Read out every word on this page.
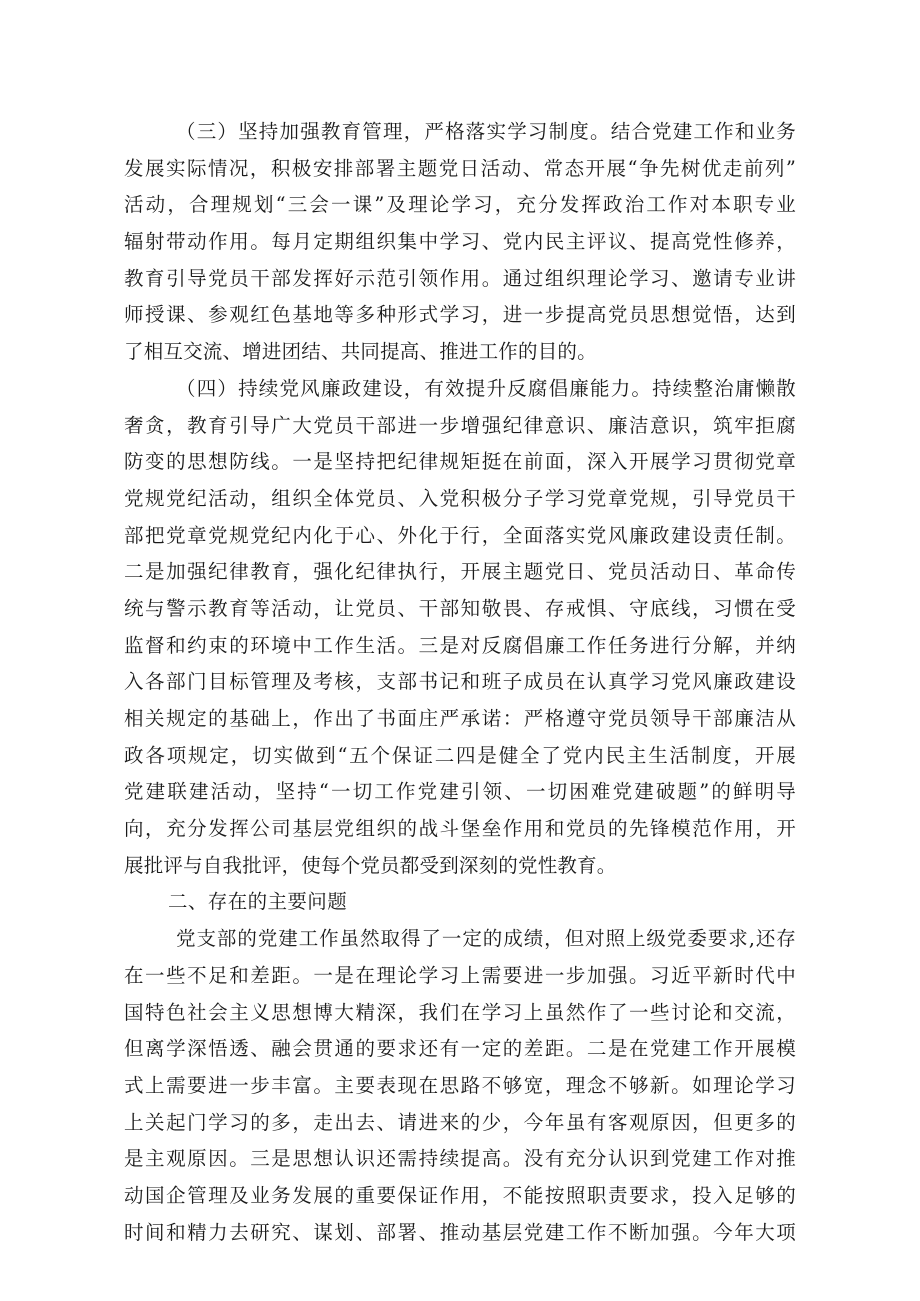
（三）坚持加强教育管理，严格落实学习制度。结合党建工作和业务
发展实际情况，积极安排部署主题党日活动、常态开展“争先树优走前列”
活动，合理规划“三会一课”及理论学习，充分发挥政治工作对本职专业
辐射带动作用。每月定期组织集中学习、党内民主评议、提高党性修养，
教育引导党员干部发挥好示范引领作用。通过组织理论学习、邀请专业讲
师授课、参观红色基地等多种形式学习，进一步提高党员思想觉悟，达到
了相互交流、增进团结、共同提高、推进工作的目的。
（四）持续党风廉政建设，有效提升反腐倡廉能力。持续整治庸懒散
奢贪，教育引导广大党员干部进一步增强纪律意识、廉洁意识，筑牢拒腐
防变的思想防线。一是坚持把纪律规矩挺在前面，深入开展学习贯彻党章
党规党纪活动，组织全体党员、入党积极分子学习党章党规，引导党员干
部把党章党规党纪内化于心、外化于行，全面落实党风廉政建设责任制。
二是加强纪律教育，强化纪律执行，开展主题党日、党员活动日、革命传
统与警示教育等活动，让党员、干部知敬畏、存戒惧、守底线，习惯在受
监督和约束的环境中工作生活。三是对反腐倡廉工作任务进行分解，并纳
入各部门目标管理及考核，支部书记和班子成员在认真学习党风廉政建设
相关规定的基础上，作出了书面庄严承诺：严格遵守党员领导干部廉洁从
政各项规定，切实做到“五个保证二四是健全了党内民主生活制度，开展
党建联建活动，坚持“一切工作党建引领、一切困难党建破题”的鲜明导
向，充分发挥公司基层党组织的战斗堡垒作用和党员的先锋模范作用，开
展批评与自我批评，使每个党员都受到深刻的党性教育。
二、存在的主要问题
党支部的党建工作虽然取得了一定的成绩，但对照上级党委要求,还存
在一些不足和差距。一是在理论学习上需要进一步加强。习近平新时代中
国特色社会主义思想博大精深，我们在学习上虽然作了一些讨论和交流，
但离学深悟透、融会贯通的要求还有一定的差距。二是在党建工作开展模
式上需要进一步丰富。主要表现在思路不够宽，理念不够新。如理论学习
上关起门学习的多，走出去、请进来的少，今年虽有客观原因，但更多的
是主观原因。三是思想认识还需持续提高。没有充分认识到党建工作对推
动国企管理及业务发展的重要保证作用，不能按照职责要求，投入足够的
时间和精力去研究、谋划、部署、推动基层党建工作不断加强。今年大项
